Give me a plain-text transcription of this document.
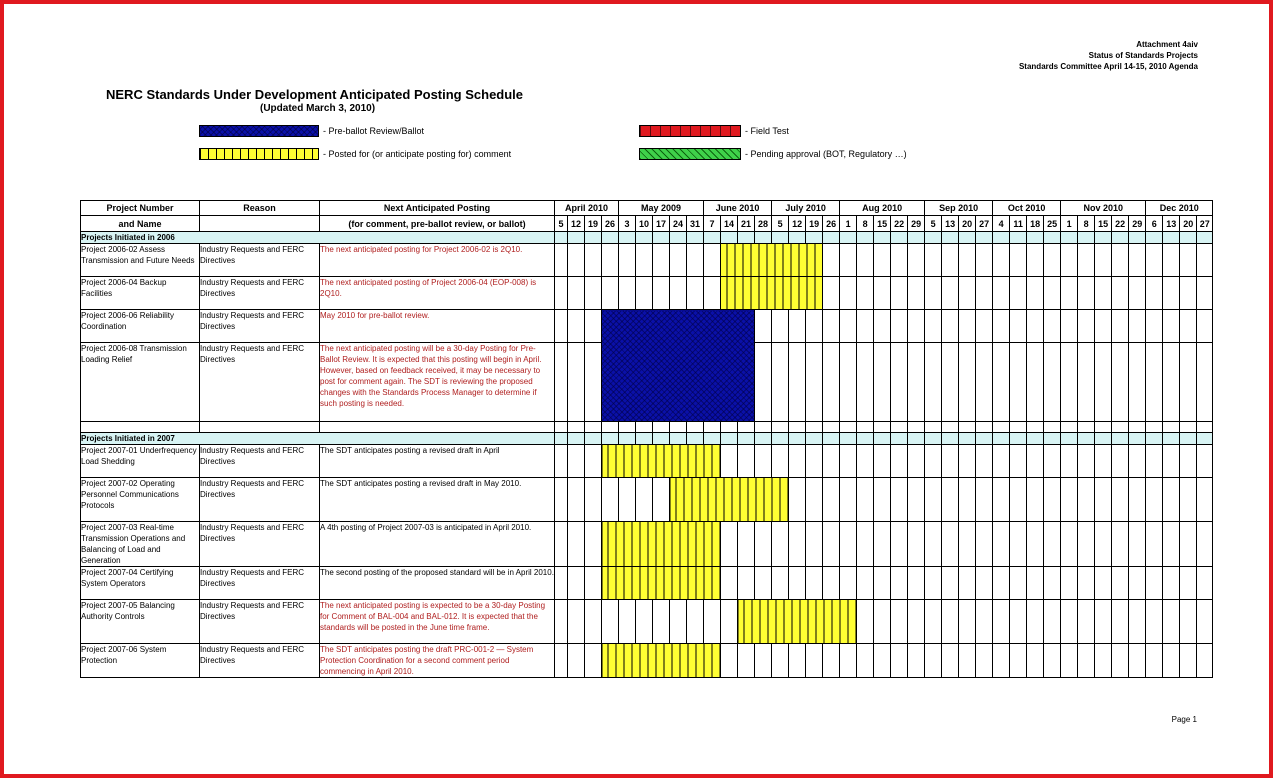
Attachment 4aiv
Status of Standards Projects
Standards Committee April 14-15, 2010 Agenda
NERC Standards Under Development Anticipated Posting Schedule
(Updated March 3, 2010)
- Pre-ballot Review/Ballot
- Posted for (or anticipate posting for) comment
- Field Test
- Pending approval (BOT, Regulatory …)
Project Number	Reason	Next Anticipated Posting	April 2010				May 2009					June 2010				July 2010				Aug 2010					Sep 2010				Oct 2010				Nov 2010					Dec 2010			
and Name		(for comment, pre-ballot review, or ballot)	5	12	19	26	3	10	17	24	31	7	14	21	28	5	12	19	26	1	8	15	22	29	5	13	20	27	4	11	18	25	1	8	15	22	29	6	13	20	27
Projects Initiated in 2006																																									
Project 2006-02 Assess Transmission and Future Needs	Industry Requests and FERC Directives	The next anticipated posting for Project 2006-02 is 2Q10.																																							
Project 2006-04 Backup Facilities	Industry Requests and FERC Directives	The next anticipated posting of Project 2006-04 (EOP-008) is 2Q10.																																							
Project 2006-06 Reliability Coordination	Industry Requests and FERC Directives	May 2010 for pre-ballot review.																																							
Project 2006-08 Transmission Loading Relief	Industry Requests and FERC Directives	The next anticipated posting will be a 30-day Posting for Pre-Ballot Review. It is expected that this posting will begin in April. However, based on feedback received, it may be necessary to post for comment again. The SDT is reviewing the proposed changes with the Standards Process Manager to determine if such posting is needed.																																							

Projects Initiated in 2007																																									
Project 2007-01 Underfrequency Load Shedding	Industry Requests and FERC Directives	The SDT anticipates posting a revised draft in April																																							
Project 2007-02 Operating Personnel Communications Protocols	Industry Requests and FERC Directives	The SDT anticipates posting a revised draft in May 2010.																																							
Project 2007-03 Real-time Transmission Operations and Balancing of Load and Generation	Industry Requests and FERC Directives	A 4th posting of Project 2007-03 is anticipated in April 2010.																																							
Project 2007-04 Certifying System Operators	Industry Requests and FERC Directives	The second posting of the proposed standard will be in April 2010.																																							
Project 2007-05 Balancing Authority Controls	Industry Requests and FERC Directives	The next anticipated posting is expected to be a 30-day Posting for Comment of BAL-004 and BAL-012. It is expected that the standards will be posted in the June time frame.																																							
Project 2007-06 System Protection	Industry Requests and FERC Directives	The SDT anticipates posting the draft PRC-001-2 — System Protection Coordination for a second comment period commencing in April 2010.																																							
Page 1
